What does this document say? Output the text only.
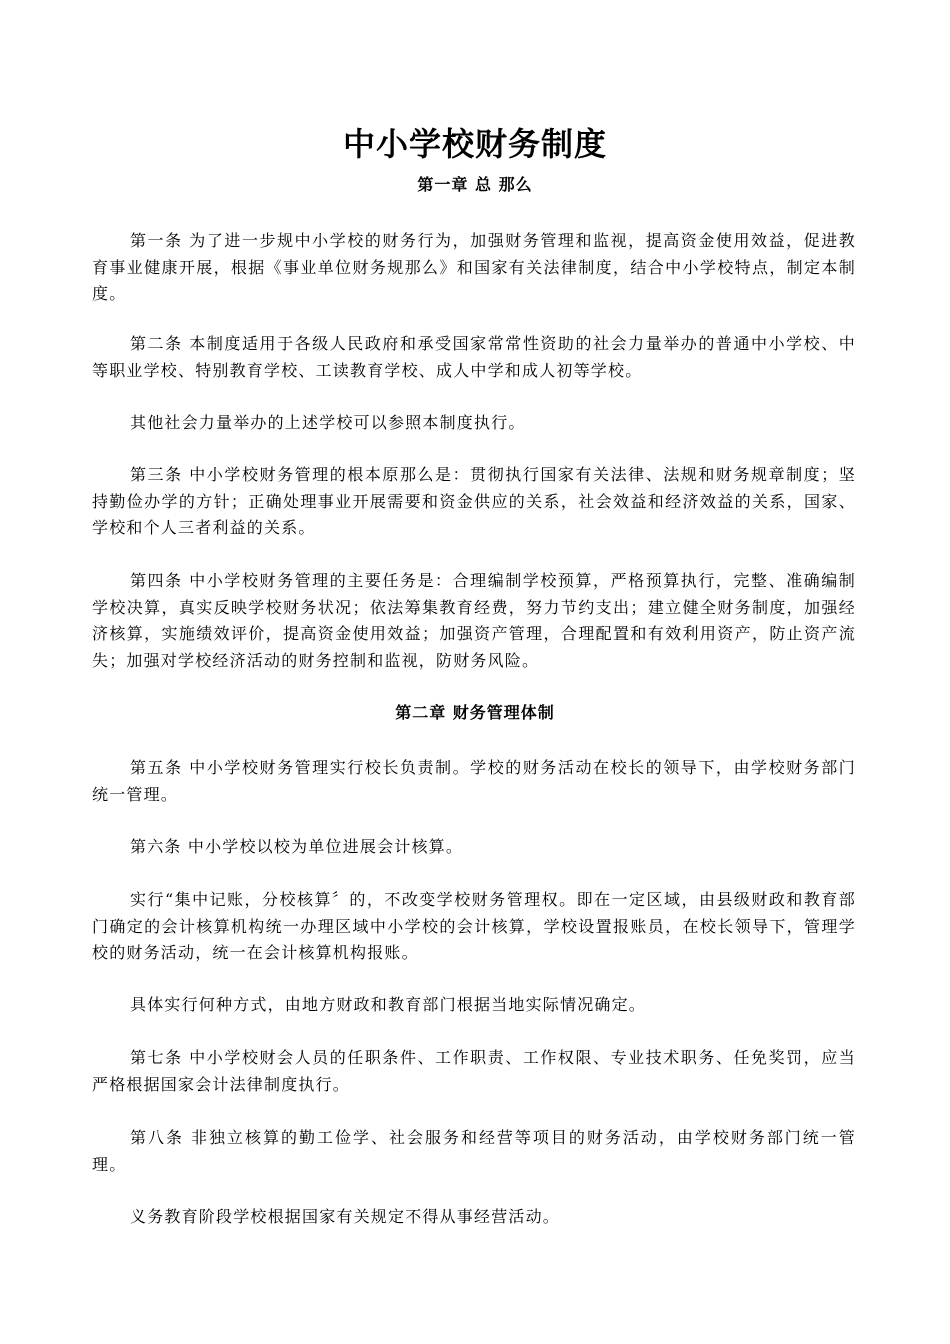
中小学校财务制度
第一章 总 那么

第一条 为了进一步规中小学校的财务行为，加强财务管理和监视，提高资金使用效益，促进教育事业健康开展，根据《事业单位财务规那么》和国家有关法律制度，结合中小学校特点，制定本制度。

第二条 本制度适用于各级人民政府和承受国家常常性资助的社会力量举办的普通中小学校、中等职业学校、特别教育学校、工读教育学校、成人中学和成人初等学校。

其他社会力量举办的上述学校可以参照本制度执行。

第三条 中小学校财务管理的根本原那么是：贯彻执行国家有关法律、法规和财务规章制度；坚持勤俭办学的方针；正确处理事业开展需要和资金供应的关系，社会效益和经济效益的关系，国家、学校和个人三者利益的关系。

第四条 中小学校财务管理的主要任务是：合理编制学校预算，严格预算执行，完整、准确编制学校决算，真实反映学校财务状况；依法筹集教育经费，努力节约支出；建立健全财务制度，加强经济核算，实施绩效评价，提高资金使用效益；加强资产管理，合理配置和有效利用资产，防止资产流失；加强对学校经济活动的财务控制和监视，防财务风险。

第二章 财务管理体制

第五条 中小学校财务管理实行校长负责制。学校的财务活动在校长的领导下，由学校财务部门统一管理。

第六条 中小学校以校为单位进展会计核算。

实行“集中记账，分校核算〞的，不改变学校财务管理权。即在一定区域，由县级财政和教育部门确定的会计核算机构统一办理区域中小学校的会计核算，学校设置报账员，在校长领导下，管理学校的财务活动，统一在会计核算机构报账。

具体实行何种方式，由地方财政和教育部门根据当地实际情况确定。

第七条 中小学校财会人员的任职条件、工作职责、工作权限、专业技术职务、任免奖罚，应当严格根据国家会计法律制度执行。

第八条 非独立核算的勤工俭学、社会服务和经营等项目的财务活动，由学校财务部门统一管理。

义务教育阶段学校根据国家有关规定不得从事经营活动。
